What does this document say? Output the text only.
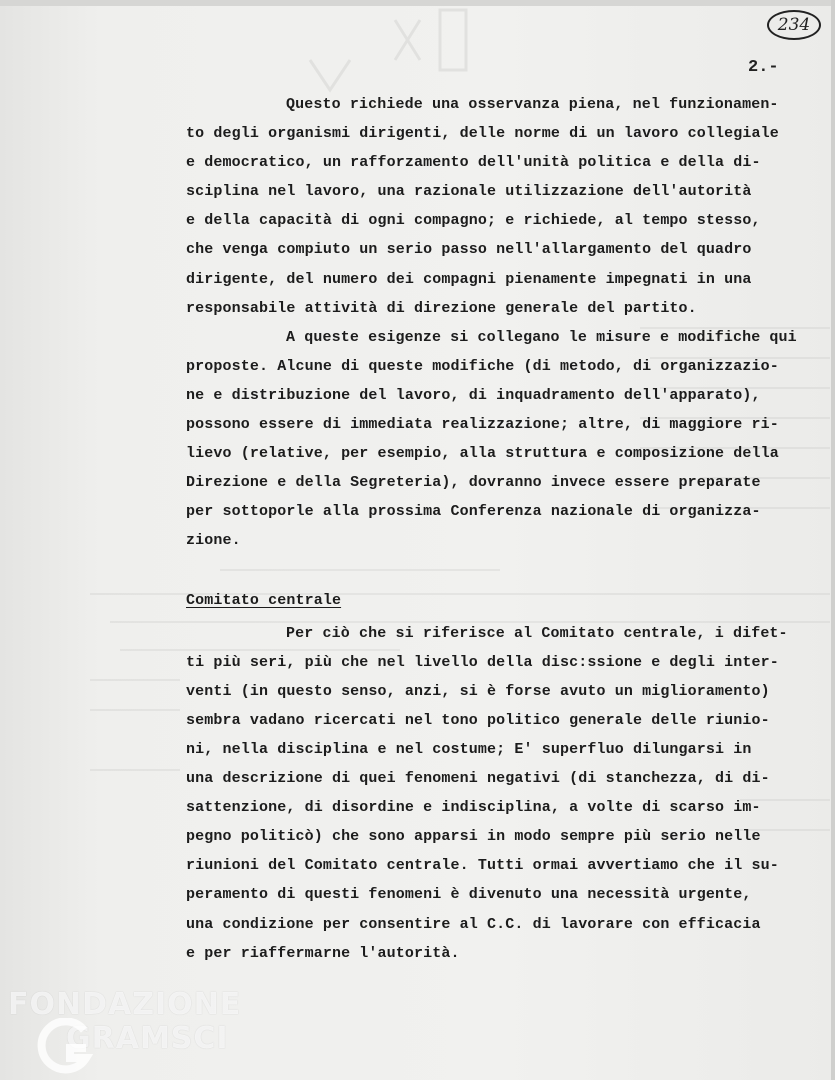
234
2.-
Questo richiede una osservanza piena, nel funzionamen-
to degli organismi dirigenti, delle norme di un lavoro collegiale
e democratico, un rafforzamento dell'unità politica e della di-
sciplina nel lavoro, una razionale utilizzazione dell'autorità
e della capacità di ogni compagno; e richiede, al tempo stesso,
che venga compiuto un serio passo nell'allargamento del quadro
dirigente, del numero dei compagni pienamente impegnati in una
responsabile attività di direzione generale del partito.
A queste esigenze si collegano le misure e modifiche qui
proposte. Alcune di queste modifiche (di metodo, di organizzazio-
ne e distribuzione del lavoro, di inquadramento dell'apparato),
possono essere di immediata realizzazione; altre, di maggiore ri-
lievo (relative, per esempio, alla struttura e composizione della
Direzione e della Segreteria), dovranno invece essere preparate
per sottoporle alla prossima Conferenza nazionale di organizza-
zione.
Comitato centrale
Per ciò che si riferisce al Comitato centrale, i difet-
ti più seri, più che nel livello della disc:ssione e degli inter-
venti (in questo senso, anzi, si è forse avuto un miglioramento)
sembra vadano ricercati nel tono politico generale delle riunio-
ni, nella disciplina e nel costume; E' superfluo dilungarsi in
una descrizione di quei fenomeni negativi (di stanchezza, di di-
sattenzione, di disordine e indisciplina, a volte di scarso im-
pegno politicò) che sono apparsi in modo sempre più serio nelle
riunioni del Comitato centrale. Tutti ormai avvertiamo che il su-
peramento di questi fenomeni è divenuto una necessità urgente,
una condizione per consentire al C.C. di lavorare con efficacia
e per riaffermarne l'autorità.
FONDAZIONE
GRAMSCI
